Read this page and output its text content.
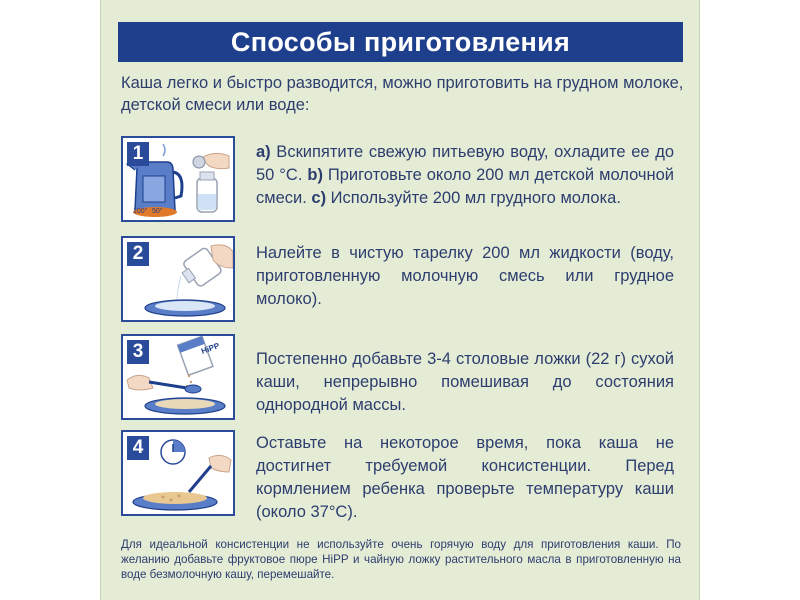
Способы приготовления
Каша легко и быстро разводится, можно приготовить на грудном молоке, детской смеси или воде:
1
100° 50°
a) Вскипятите свежую питьевую воду, охладите ее до 50 °C. b) Приготовьте около 200 мл детской молочной смеси. c) Используйте 200 мл грудного молока.
2	Налейте в чистую тарелку 200 мл жидкости (воду, приготовленную молочную смесь или грудное молоко).
3	HiPP
Постепенно добавьте 3-4 столовые ложки (22 г) сухой каши, непрерывно помешивая до состояния однородной массы.
4	Оставьте на некоторое время, пока каша не достигнет требуемой консистенции. Перед кормлением ребенка проверьте температуру каши (около 37°C).
Для идеальной консистенции не используйте очень горячую воду для приготовления каши. По желанию добавьте фруктовое пюре HiPP и чайную ложку растительного масла в приготовленную на воде безмолочную кашу, перемешайте.
